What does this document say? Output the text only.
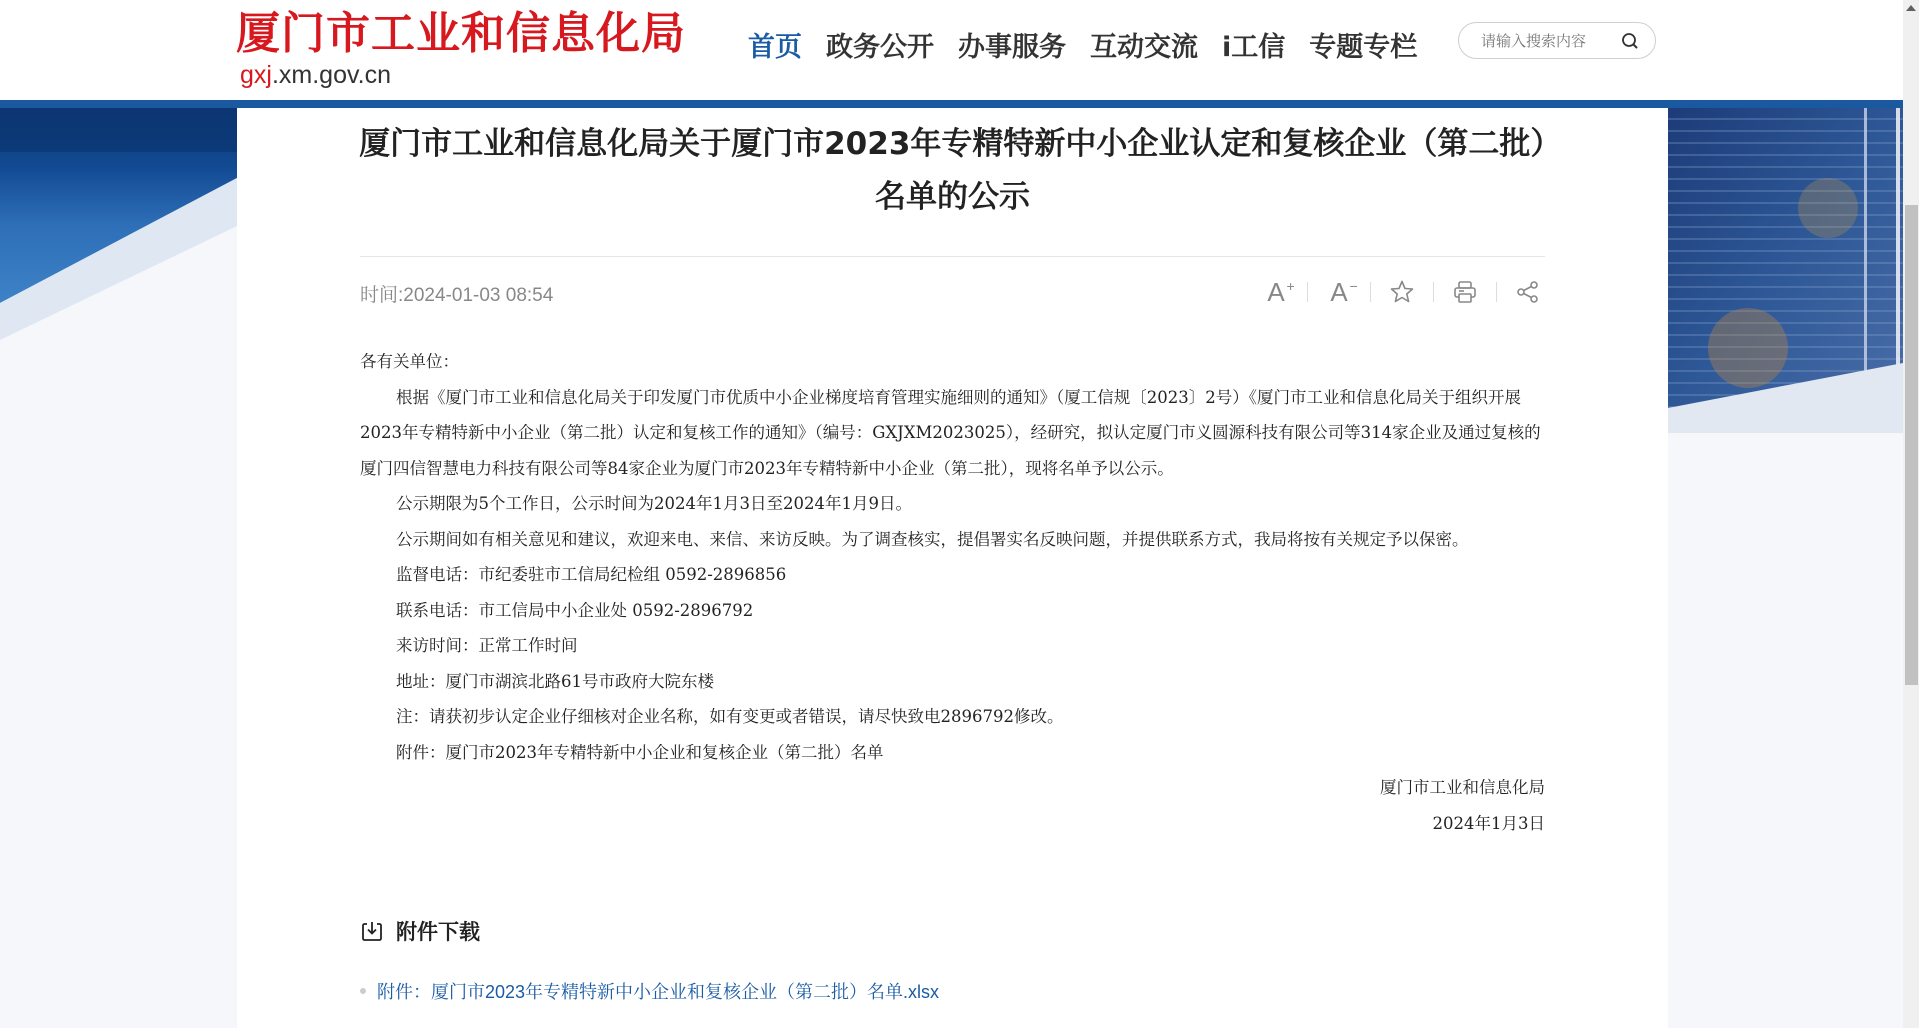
厦门市工业和信息化局
gxj.xm.gov.cn
首页 政务公开 办事服务 互动交流 i工信 专题专栏
请输入搜索内容
厦门市工业和信息化局关于厦门市2023年专精特新中小企业认定和复核企业（第二批）名单的公示
时间:2024-01-03 08:54	A + A −

各有关单位：

根据《厦门市工业和信息化局关于印发厦门市优质中小企业梯度培育管理实施细则的通知》（厦工信规〔2023〕2号）《厦门市工业和信息化局关于组织开展2023年专精特新中小企业（第二批）认定和复核工作的通知》（编号：GXJXM2023025），经研究，拟认定厦门市义圆源科技有限公司等314家企业及通过复核的厦门四信智慧电力科技有限公司等84家企业为厦门市2023年专精特新中小企业（第二批），现将名单予以公示。

公示期限为5个工作日，公示时间为2024年1月3日至2024年1月9日。

公示期间如有相关意见和建议，欢迎来电、来信、来访反映。为了调查核实，提倡署实名反映问题，并提供联系方式，我局将按有关规定予以保密。

监督电话：市纪委驻市工信局纪检组 0592-2896856

联系电话：市工信局中小企业处 0592-2896792

来访时间：正常工作时间

地址：厦门市湖滨北路61号市政府大院东楼

注：请获初步认定企业仔细核对企业名称，如有变更或者错误，请尽快致电2896792修改。

附件：厦门市2023年专精特新中小企业和复核企业（第二批）名单

厦门市工业和信息化局

2024年1月3日

附件下载
附件：厦门市2023年专精特新中小企业和复核企业（第二批）名单.xlsx
